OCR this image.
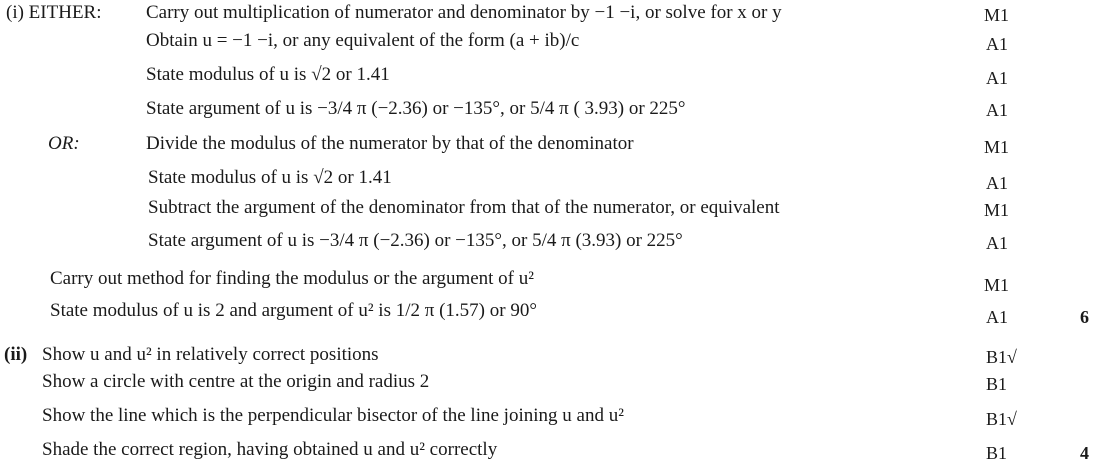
(i) EITHER: Carry out multiplication of numerator and denominator by −1 −i, or solve for x or y	M1
Obtain u = −1 −i, or any equivalent of the form (a + ib)/c	A1
State modulus of u is √2 or 1.41	A1
State argument of u is −3/4 π (−2.36) or −135°, or 5/4 π ( 3.93) or 225°	A1
OR:	Divide the modulus of the numerator by that of the denominator	M1
State modulus of u is √2 or 1.41	A1
Subtract the argument of the denominator from that of the numerator, or equivalent	M1
State argument of u is −3/4 π (−2.36) or −135°, or 5/4 π (3.93) or 225°	A1
Carry out method for finding the modulus or the argument of u²	M1
State modulus of u is 2 and argument of u² is 1/2 π (1.57) or 90°	A1	6
(ii) Show u and u² in relatively correct positions	B1√
Show a circle with centre at the origin and radius 2	B1
Show the line which is the perpendicular bisector of the line joining u and u²	B1√
Shade the correct region, having obtained u and u² correctly	B1	4
